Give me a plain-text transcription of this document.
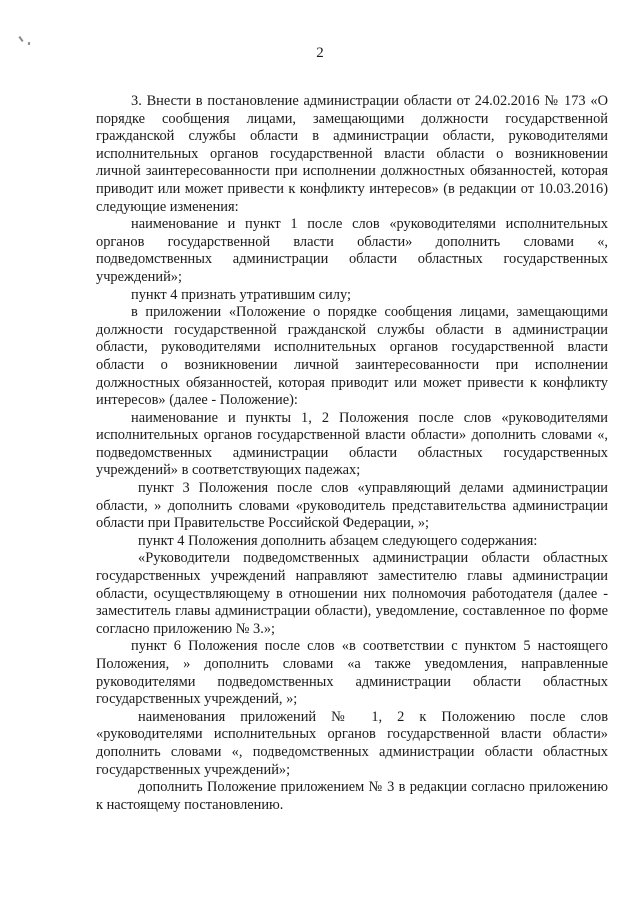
2

3. Внести в постановление администрации области от 24.02.2016 № 173 «О порядке сообщения лицами, замещающими должности государственной гражданской службы области в администрации области, руководителями исполнительных органов государственной власти области о возникновении личной заинтересованности при исполнении должностных обязанностей, которая приводит или может привести к конфликту интересов» (в редакции от 10.03.2016) следующие изменения:

наименование и пункт 1 после слов «руководителями исполнительных органов государственной власти области» дополнить словами «, подведомственных администрации области областных государственных учреждений»;

пункт 4 признать утратившим силу;

в приложении «Положение о порядке сообщения лицами, замещающими должности государственной гражданской службы области в администрации области, руководителями исполнительных органов государственной власти области о возникновении личной заинтересованности при исполнении должностных обязанностей, которая приводит или может привести к конфликту интересов» (далее - Положение):

наименование и пункты 1, 2 Положения после слов «руководителями исполнительных органов государственной власти области» дополнить словами «, подведомственных администрации области областных государственных учреждений» в соответствующих падежах;

пункт 3 Положения после слов «управляющий делами администрации области, » дополнить словами «руководитель представительства администрации области при Правительстве Российской Федерации, »;

пункт 4 Положения дополнить абзацем следующего содержания:

«Руководители подведомственных администрации области областных государственных учреждений направляют заместителю главы администрации области, осуществляющему в отношении них полномочия работодателя (далее - заместитель главы администрации области), уведомление, составленное по форме согласно приложению № 3.»;

пункт 6 Положения после слов «в соответствии с пунктом 5 настоящего Положения, » дополнить словами «а также уведомления, направленные руководителями подведомственных администрации области областных государственных учреждений, »;

наименования приложений № 1, 2 к Положению после слов «руководителями исполнительных органов государственной власти области» дополнить словами «, подведомственных администрации области областных государственных учреждений»;

дополнить Положение приложением № 3 в редакции согласно приложению к настоящему постановлению.
